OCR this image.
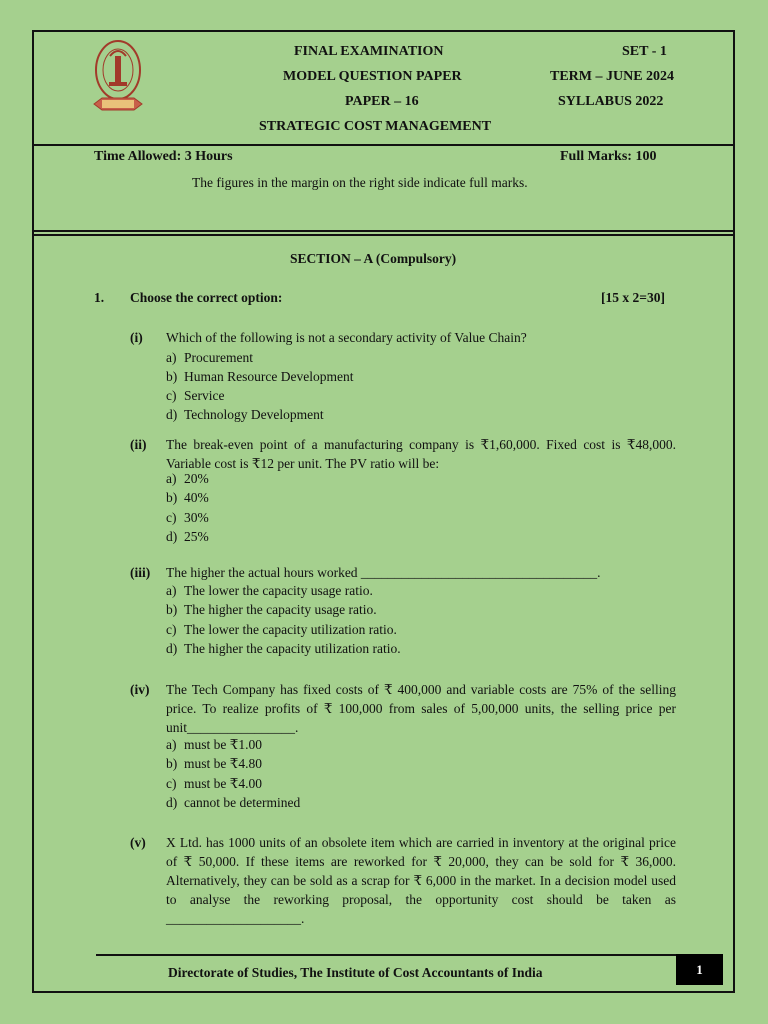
FINAL EXAMINATION	SET - 1
MODEL QUESTION PAPER	TERM – JUNE 2024
PAPER – 16	SYLLABUS 2022
STRATEGIC COST MANAGEMENT
Time Allowed: 3 Hours	Full Marks: 100
The figures in the margin on the right side indicate full marks.
SECTION – A (Compulsory)
1. Choose the correct option:	[15 x 2=30]
(i) Which of the following is not a secondary activity of Value Chain?
a) Procurement
b) Human Resource Development
c) Service
d) Technology Development
(ii) The break-even point of a manufacturing company is ₹1,60,000. Fixed cost is ₹48,000. Variable cost is ₹12 per unit. The PV ratio will be:
a) 20%
b) 40%
c) 30%
d) 25%
(iii) The higher the actual hours worked ___________________________________.
a) The lower the capacity usage ratio.
b) The higher the capacity usage ratio.
c) The lower the capacity utilization ratio.
d) The higher the capacity utilization ratio.
(iv) The Tech Company has fixed costs of ₹ 400,000 and variable costs are 75% of the selling price. To realize profits of ₹ 100,000 from sales of 5,00,000 units, the selling price per unit________________.
a) must be ₹1.00
b) must be ₹4.80
c) must be ₹4.00
d) cannot be determined
(v) X Ltd. has 1000 units of an obsolete item which are carried in inventory at the original price of ₹ 50,000. If these items are reworked for ₹ 20,000, they can be sold for ₹ 36,000. Alternatively, they can be sold as a scrap for ₹ 6,000 in the market. In a decision model used to analyse the reworking proposal, the opportunity cost should be taken as ____________________.
Directorate of Studies, The Institute of Cost Accountants of India	1
